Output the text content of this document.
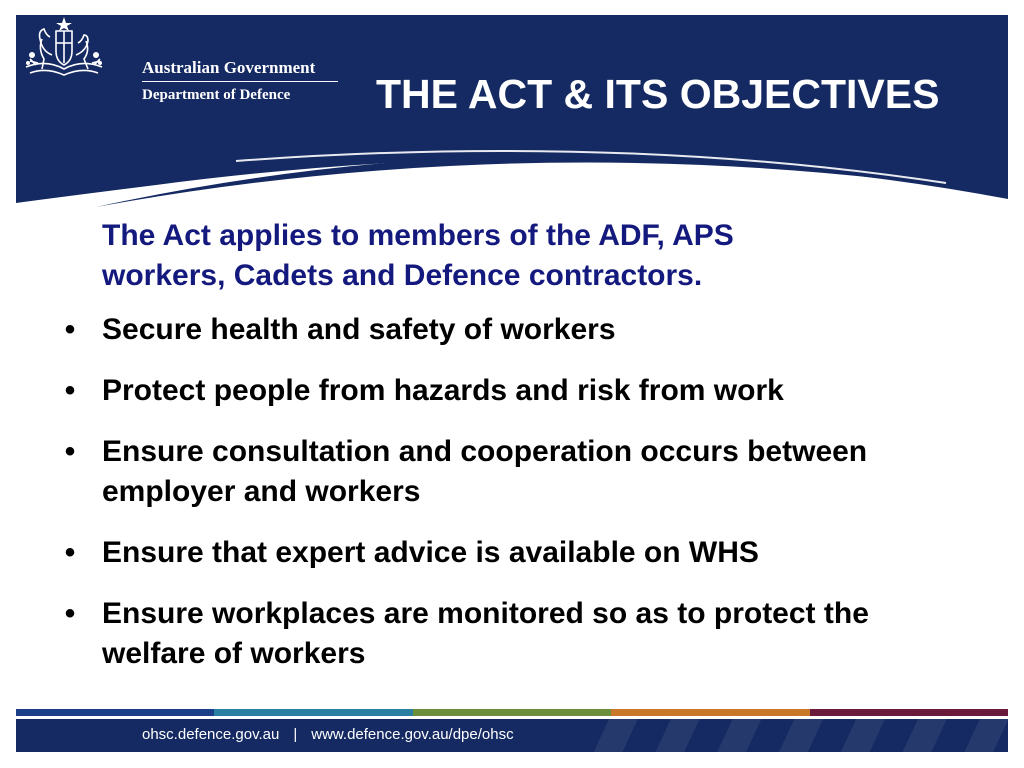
Australian Government
Department of Defence	THE ACT & ITS OBJECTIVES
The Act applies to members of the ADF, APS workers, Cadets and Defence contractors.
• Secure health and safety of workers
• Protect people from hazards and risk from work
• Ensure consultation and cooperation occurs between employer and workers
• Ensure that expert advice is available on WHS
• Ensure workplaces are monitored so as to protect the welfare of workers
ohsc.defence.gov.au | www.defence.gov.au/dpe/ohsc
